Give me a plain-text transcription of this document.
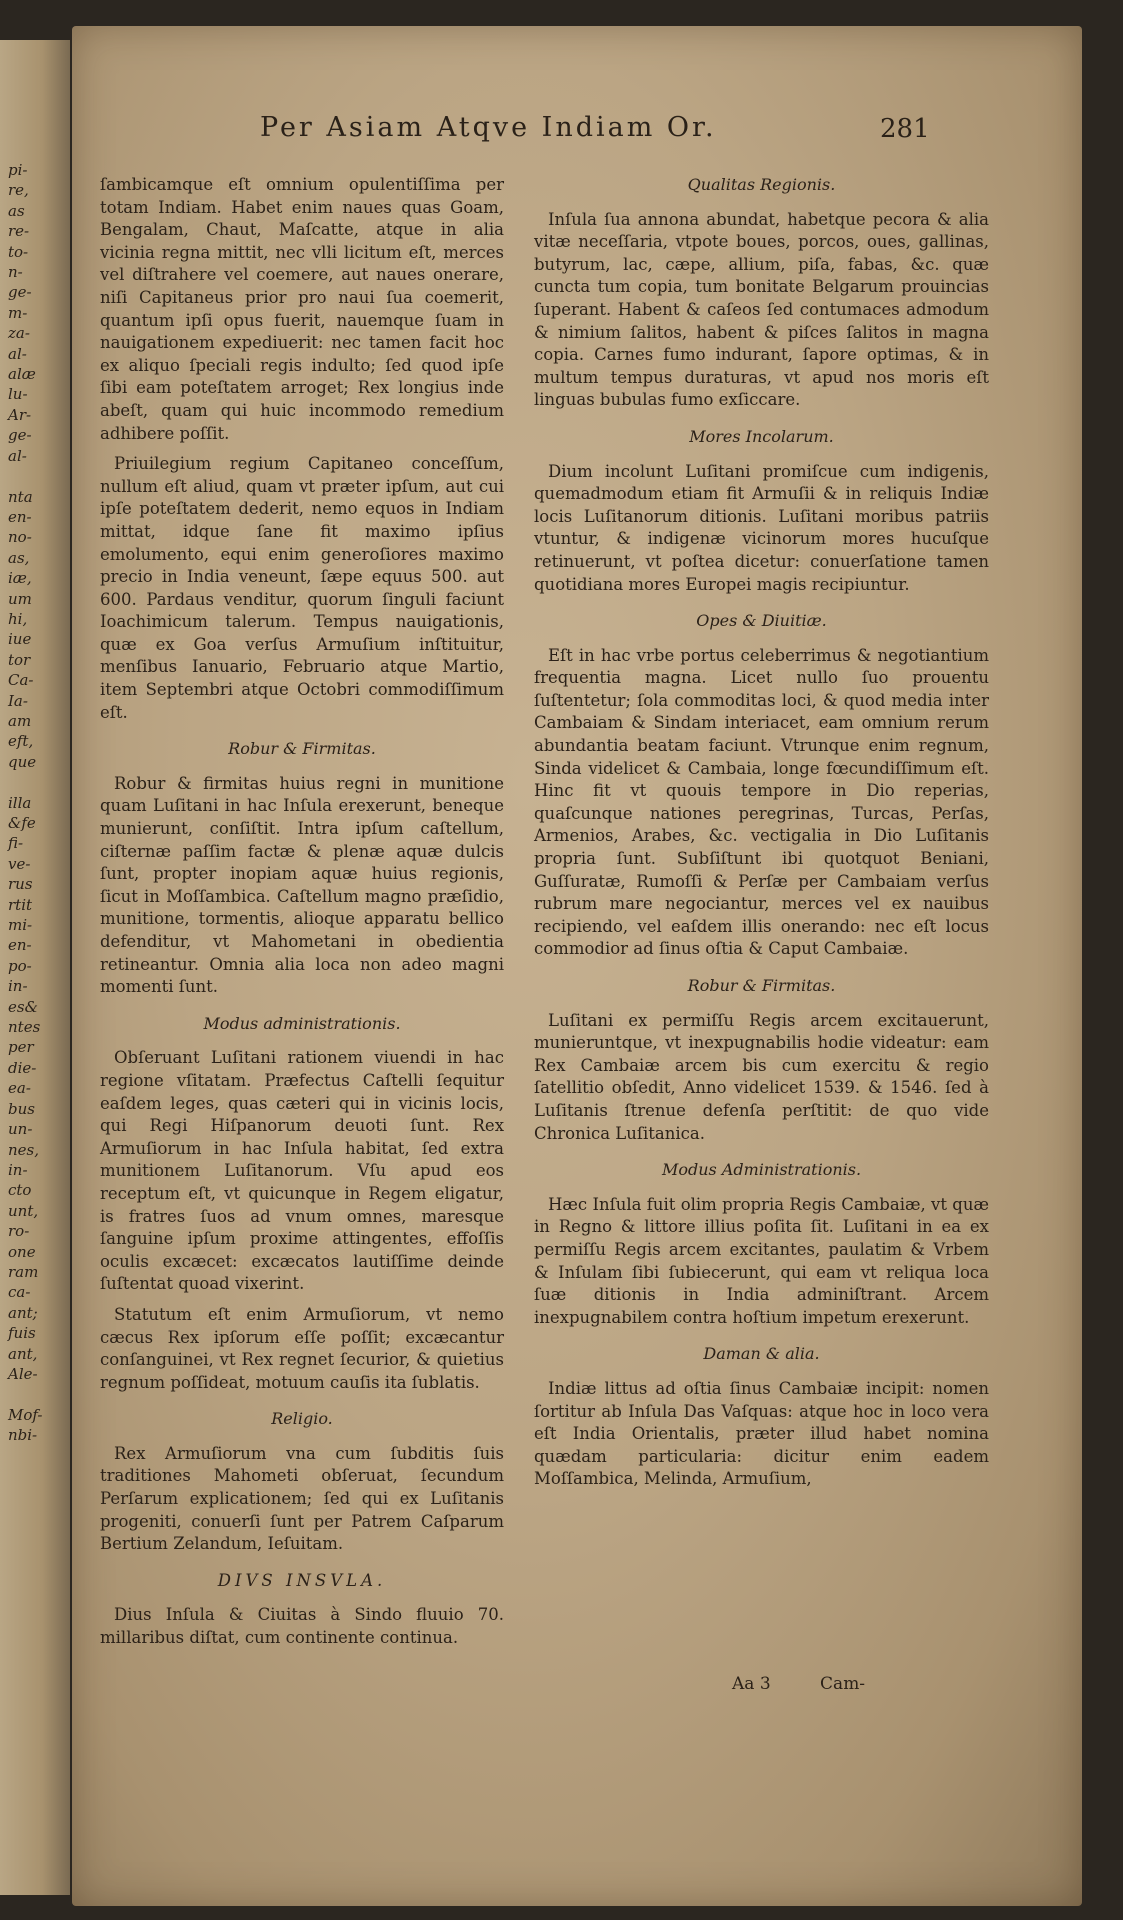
pi-
re,
as
re-
to-
n-
ge-
m-
za-
al-
alæ
lu-
Ar-
ge-
al-

nta
en-
no-
as,
iæ,
um
hi,
iue
tor
Ca-
Ia-
am
eft,
que

illa
&fe
fi-
ve-
rus
rtit
mi-
en-
po-
in-
es&
ntes
per
die-
ea-
bus
un-
nes,
in-
cto
unt,
ro-
one
ram
ca-
ant;
fuis
ant,
Ale-

Mof-
nbi-
Per Asiam Atqve Indiam Or.	281

ſambicamque eſt omnium opulentiſſima per totam Indiam. Habet enim naues quas Goam, Bengalam, Chaut, Maſcatte, atque in alia vicinia regna mittit, nec vlli licitum eſt, merces vel diſtrahere vel coemere, aut naues onerare, niſi Capitaneus prior pro naui ſua coemerit, quantum ipſi opus fuerit, nauemque ſuam in nauigationem expediuerit: nec tamen facit hoc ex aliquo ſpeciali regis indulto; ſed quod ipſe ſibi eam poteſtatem arroget; Rex longius inde abeſt, quam qui huic incommodo remedium adhibere poſſit.

Priuilegium regium Capitaneo conceſſum, nullum eſt aliud, quam vt præter ipſum, aut cui ipſe poteſtatem dederit, nemo equos in Indiam mittat, idque ſane fit maximo ipſius emolumento, equi enim generoſiores maximo precio in India veneunt, ſæpe equus 500. aut 600. Pardaus venditur, quorum ſinguli faciunt Ioachimicum talerum. Tempus nauigationis, quæ ex Goa verſus Armuſium inſtituitur, menſibus Ianuario, Februario atque Martio, item Septembri atque Octobri commodiſſimum eſt.

Robur & Firmitas.

Robur & firmitas huius regni in munitione quam Luſitani in hac Inſula erexerunt, beneque munierunt, conſiſtit. Intra ipſum caſtellum, ciſternæ paſſim factæ & plenæ aquæ dulcis ſunt, propter inopiam aquæ huius regionis, ſicut in Moſſambica. Caſtellum magno præſidio, munitione, tormentis, alioque apparatu bellico defenditur, vt Mahometani in obedientia retineantur. Omnia alia loca non adeo magni momenti ſunt.

Modus administrationis.

Obſeruant Luſitani rationem viuendi in hac regione vſitatam. Præfectus Caſtelli ſequitur eaſdem leges, quas cæteri qui in vicinis locis, qui Regi Hiſpanorum deuoti ſunt. Rex Armuſiorum in hac Inſula habitat, ſed extra munitionem Luſitanorum. Vſu apud eos receptum eſt, vt quicunque in Regem eligatur, is fratres ſuos ad vnum omnes, maresque ſanguine ipſum proxime attingentes, effoſſis oculis excæcet: excæcatos lautiſſime deinde ſuſtentat quoad vixerint.

Statutum eſt enim Armuſiorum, vt nemo cæcus Rex ipſorum eſſe poſſit; excæcantur conſanguinei, vt Rex regnet ſecurior, & quietius regnum poſſideat, motuum cauſis ita ſublatis.

Religio.

Rex Armuſiorum vna cum ſubditis ſuis traditiones Mahometi obſeruat, ſecundum Perſarum explicationem; ſed qui ex Luſitanis progeniti, conuerſi ſunt per Patrem Caſparum Bertium Zelandum, Ieſuitam.

DIVS INSVLA.

Dius Inſula & Ciuitas à Sindo fluuio 70. millaribus diſtat, cum continente continua.

Qualitas Regionis.

Inſula ſua annona abundat, habetque pecora & alia vitæ neceſſaria, vtpote boues, porcos, oues, gallinas, butyrum, lac, cæpe, allium, piſa, fabas, &c. quæ cuncta tum copia, tum bonitate Belgarum prouincias ſuperant. Habent & caſeos ſed contumaces admodum & nimium ſalitos, habent & piſces ſalitos in magna copia. Carnes fumo indurant, ſapore optimas, & in multum tempus duraturas, vt apud nos moris eſt linguas bubulas fumo exſiccare.

Mores Incolarum.

Dium incolunt Luſitani promiſcue cum indigenis, quemadmodum etiam fit Armuſii & in reliquis Indiæ locis Luſitanorum ditionis. Luſitani moribus patriis vtuntur, & indigenæ vicinorum mores hucuſque retinuerunt, vt poſtea dicetur: conuerſatione tamen quotidiana mores Europei magis recipiuntur.

Opes & Diuitiæ.

Eſt in hac vrbe portus celeberrimus & negotiantium frequentia magna. Licet nullo ſuo prouentu ſuſtentetur; ſola commoditas loci, & quod media inter Cambaiam & Sindam interiacet, eam omnium rerum abundantia beatam faciunt. Vtrunque enim regnum, Sinda videlicet & Cambaia, longe fœcundiſſimum eſt. Hinc fit vt quouis tempore in Dio reperias, quaſcunque nationes peregrinas, Turcas, Perſas, Armenios, Arabes, &c. vectigalia in Dio Luſitanis propria ſunt. Subſiſtunt ibi quotquot Beniani, Guſſuratæ, Rumoſſi & Perſæ per Cambaiam verſus rubrum mare negociantur, merces vel ex nauibus recipiendo, vel eaſdem illis onerando: nec eſt locus commodior ad ſinus oſtia & Caput Cambaiæ.

Robur & Firmitas.

Luſitani ex permiſſu Regis arcem excitauerunt, munieruntque, vt inexpugnabilis hodie videatur: eam Rex Cambaiæ arcem bis cum exercitu & regio ſatellitio obſedit, Anno videlicet 1539. & 1546. ſed à Luſitanis ſtrenue defenſa perſtitit: de quo vide Chronica Luſitanica.

Modus Administrationis.

Hæc Inſula fuit olim propria Regis Cambaiæ, vt quæ in Regno & littore illius poſita ſit. Luſitani in ea ex permiſſu Regis arcem excitantes, paulatim & Vrbem & Inſulam ſibi ſubiecerunt, qui eam vt reliqua loca ſuæ ditionis in India adminiſtrant. Arcem inexpugnabilem contra hoſtium impetum erexerunt.

Daman & alia.

Indiæ littus ad oſtia ſinus Cambaiæ incipit: nomen ſortitur ab Inſula Das Vaſquas: atque hoc in loco vera eſt India Orientalis, præter illud habet nomina quædam particularia: dicitur enim eadem Moſſambica, Melinda, Armuſium,

Aa 3	Cam-
